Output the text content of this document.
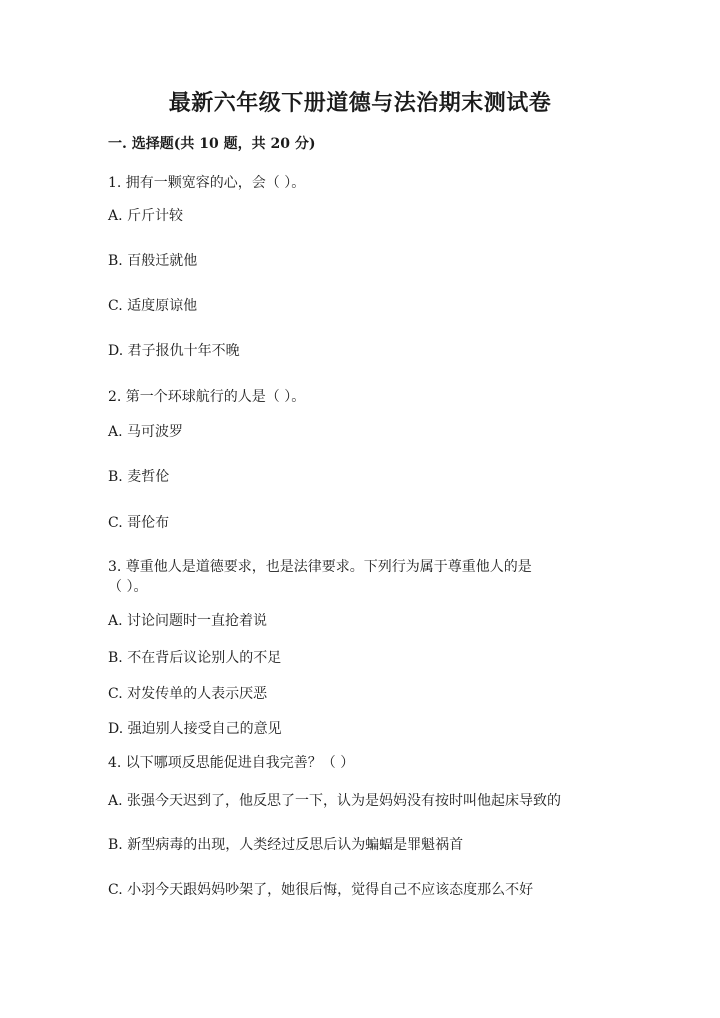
最新六年级下册道德与法治期末测试卷
一. 选择题(共 10 题，共 20 分)
1. 拥有一颗宽容的心，会（ ）。
A. 斤斤计较
B. 百般迁就他
C. 适度原谅他
D. 君子报仇十年不晚
2. 第一个环球航行的人是（ ）。
A. 马可波罗
B. 麦哲伦
C. 哥伦布
3. 尊重他人是道德要求，也是法律要求。下列行为属于尊重他人的是
（ ）。
A. 讨论问题时一直抢着说
B. 不在背后议论别人的不足
C. 对发传单的人表示厌恶
D. 强迫别人接受自己的意见
4. 以下哪项反思能促进自我完善？（ ）
A. 张强今天迟到了，他反思了一下，认为是妈妈没有按时叫他起床导致的
B. 新型病毒的出现，人类经过反思后认为蝙蝠是罪魁祸首
C. 小羽今天跟妈妈吵架了，她很后悔，觉得自己不应该态度那么不好
